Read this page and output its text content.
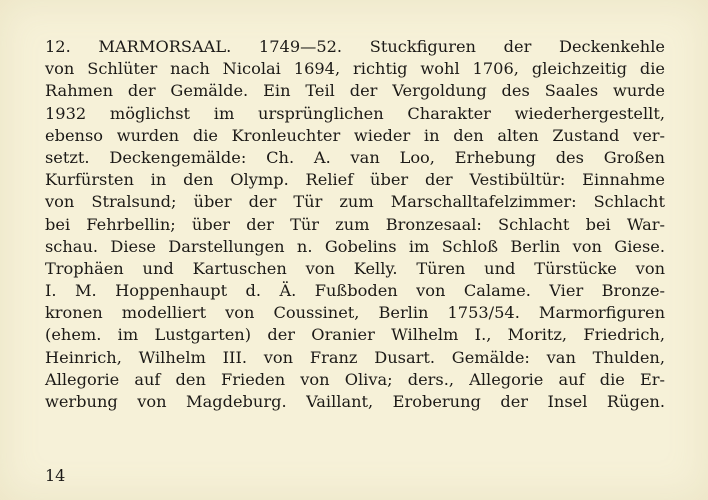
12. MARMORSAAL. 1749—52. Stuckfiguren der Deckenkehle
von Schlüter nach Nicolai 1694, richtig wohl 1706, gleichzeitig die
Rahmen der Gemälde. Ein Teil der Vergoldung des Saales wurde
1932 möglichst im ursprünglichen Charakter wiederhergestellt,
ebenso wurden die Kronleuchter wieder in den alten Zustand ver-
setzt. Deckengemälde: Ch. A. van Loo, Erhebung des Großen
Kurfürsten in den Olymp. Relief über der Vestibültür: Einnahme
von Stralsund; über der Tür zum Marschalltafelzimmer: Schlacht
bei Fehrbellin; über der Tür zum Bronzesaal: Schlacht bei War-
schau. Diese Darstellungen n. Gobelins im Schloß Berlin von Giese.
Trophäen und Kartuschen von Kelly. Türen und Türstücke von
I. M. Hoppenhaupt d. Ä. Fußboden von Calame. Vier Bronze-
kronen modelliert von Coussinet, Berlin 1753/54. Marmorfiguren
(ehem. im Lustgarten) der Oranier Wilhelm I., Moritz, Friedrich,
Heinrich, Wilhelm III. von Franz Dusart. Gemälde: van Thulden,
Allegorie auf den Frieden von Oliva; ders., Allegorie auf die Er-
werbung von Magdeburg. Vaillant, Eroberung der Insel Rügen.
14
